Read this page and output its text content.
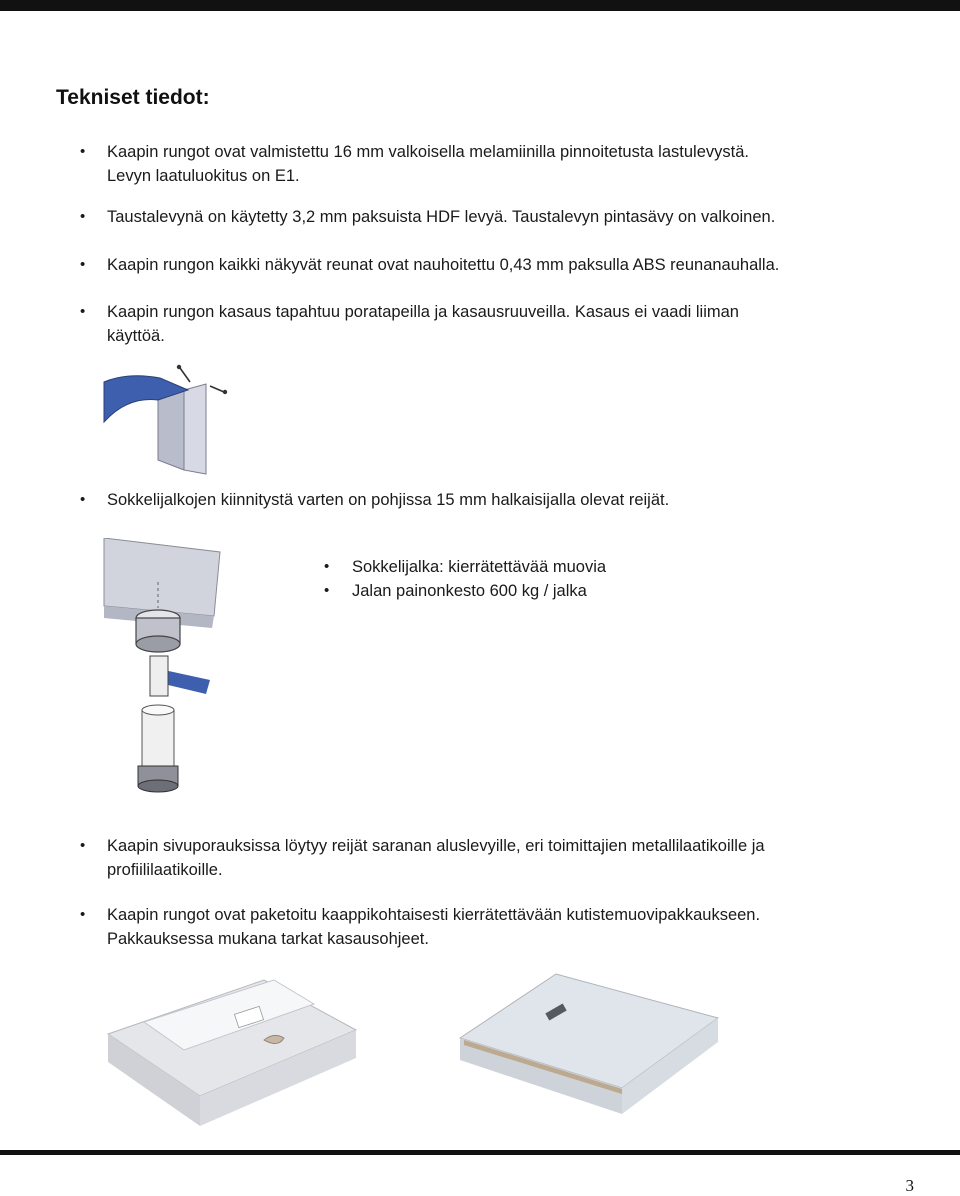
Tekniset tiedot:
• Kaapin rungot ovat valmistettu 16 mm valkoisella melamiinilla pinnoitetusta lastulevystä.
Levyn laatuluokitus on E1.
• Taustalevynä on käytetty 3,2 mm paksuista HDF levyä. Taustalevyn pintasävy on valkoinen.
• Kaapin rungon kaikki näkyvät reunat ovat nauhoitettu 0,43 mm paksulla ABS reunanauhalla.
• Kaapin rungon kasaus tapahtuu poratapeilla ja kasausruuveilla. Kasaus ei vaadi liiman
käyttöä.
• Sokkelijalkojen kiinnitystä varten on pohjissa 15 mm halkaisijalla olevat reijät.
• Sokkelijalka: kierrätettävää muovia
• Jalan painonkesto 600 kg / jalka
• Kaapin sivuporauksissa löytyy reijät saranan aluslevyille, eri toimittajien metallilaatikoille ja
profiililaatikoille.
• Kaapin rungot ovat paketoitu kaappikohtaisesti kierrätettävään kutistemuovipakkaukseen.
Pakkauksessa mukana tarkat kasausohjeet.
3
